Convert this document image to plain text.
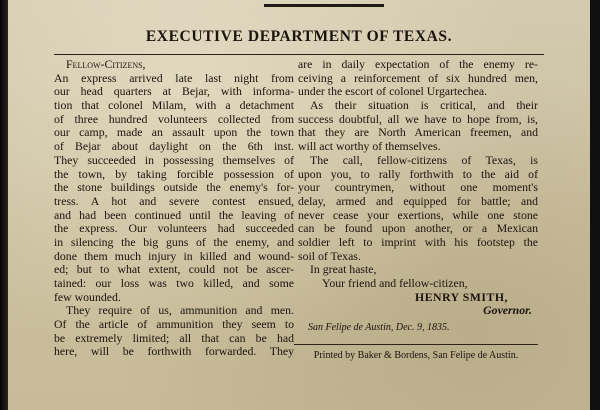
EXECUTIVE DEPARTMENT OF TEXAS.
Fellow-Citizens,
An express arrived late last night from
our head quarters at Bejar, with informa-
tion that colonel Milam, with a detachment
of three hundred volunteers collected from
our camp, made an assault upon the town
of Bejar about daylight on the 6th inst.
They succeeded in possessing themselves of
the town, by taking forcible possession of
the stone buildings outside the enemy's for-
tress. A hot and severe contest ensued,
and had been continued until the leaving of
the express. Our volunteers had succeeded
in silencing the big guns of the enemy, and
done them much injury in killed and wound-
ed; but to what extent, could not be ascer-
tained: our loss was two killed, and some
few wounded.
They require of us, ammunition and men.
Of the article of ammunition they seem to
be extremely limited; all that can be had
here, will be forthwith forwarded. They
are in daily expectation of the enemy re-
ceiving a reinforcement of six hundred men,
under the escort of colonel Urgartechea.
As their situation is critical, and their
success doubtful, all we have to hope from, is,
that they are North American freemen, and
will act worthy of themselves.
The call, fellow-citizens of Texas, is
upon you, to rally forthwith to the aid of
your countrymen, without one moment's
delay, armed and equipped for battle; and
never cease your exertions, while one stone
can be found upon another, or a Mexican
soldier left to imprint with his footstep the
soil of Texas.
In great haste,
Your friend and fellow-citizen,
HENRY SMITH,
Governor.
San Felipe de Austin, Dec. 9, 1835.
Printed by Baker & Bordens, San Felipe de Austin.
